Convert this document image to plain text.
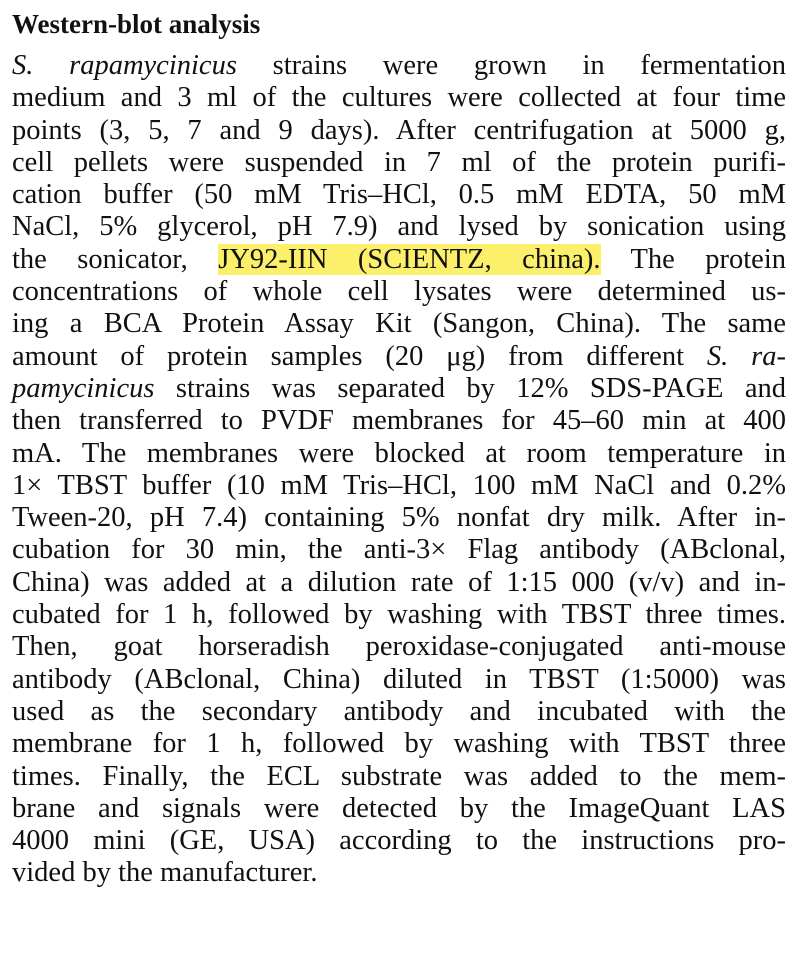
Western-blot analysis
S. rapamycinicus strains were grown in fermentation
medium and 3 ml of the cultures were collected at four time
points (3, 5, 7 and 9 days). After centrifugation at 5000 g,
cell pellets were suspended in 7 ml of the protein purifi-
cation buffer (50 mM Tris–HCl, 0.5 mM EDTA, 50 mM
NaCl, 5% glycerol, pH 7.9) and lysed by sonication using
the sonicator, JY92-IIN (SCIENTZ, china). The protein
concentrations of whole cell lysates were determined us-
ing a BCA Protein Assay Kit (Sangon, China). The same
amount of protein samples (20 μg) from different S. ra-
pamycinicus strains was separated by 12% SDS-PAGE and
then transferred to PVDF membranes for 45–60 min at 400
mA. The membranes were blocked at room temperature in
1× TBST buffer (10 mM Tris–HCl, 100 mM NaCl and 0.2%
Tween-20, pH 7.4) containing 5% nonfat dry milk. After in-
cubation for 30 min, the anti-3× Flag antibody (ABclonal,
China) was added at a dilution rate of 1:15 000 (v/v) and in-
cubated for 1 h, followed by washing with TBST three times.
Then, goat horseradish peroxidase-conjugated anti-mouse
antibody (ABclonal, China) diluted in TBST (1:5000) was
used as the secondary antibody and incubated with the
membrane for 1 h, followed by washing with TBST three
times. Finally, the ECL substrate was added to the mem-
brane and signals were detected by the ImageQuant LAS
4000 mini (GE, USA) according to the instructions pro-
vided by the manufacturer.
